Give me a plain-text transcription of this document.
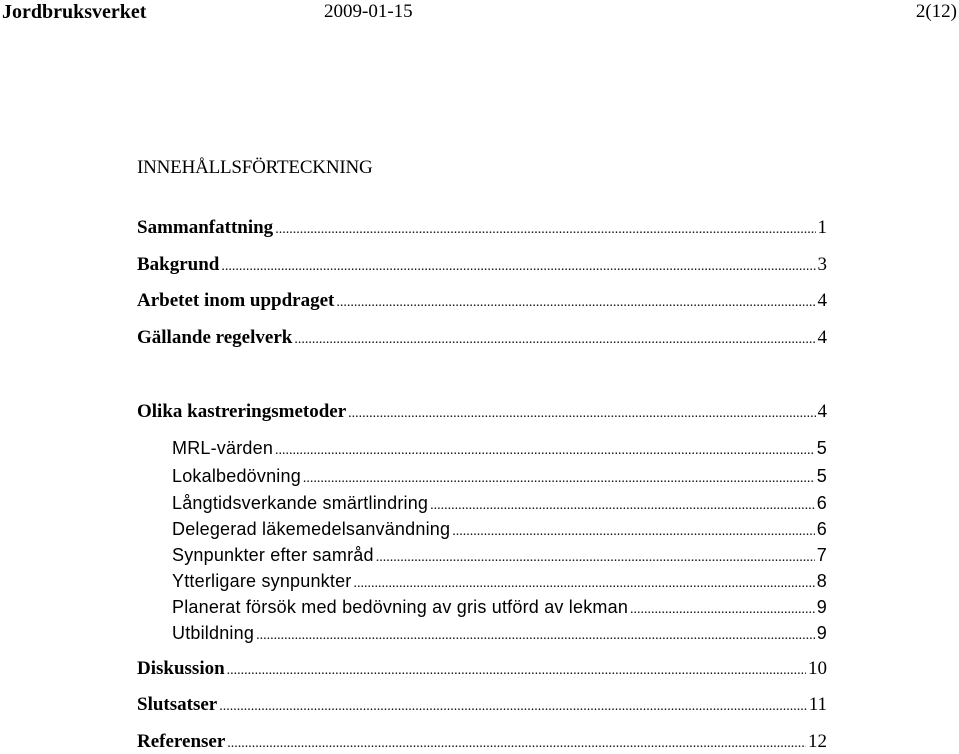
Jordbruksverket	2009-01-15	2(12)
INNEHÅLLSFÖRTECKNING
Sammanfattning .....	1
Bakgrund .....	3
Arbetet inom uppdraget .....	4
Gällande regelverk .....	4
Olika kastreringsmetoder .....	4
MRL-värden .....	5
Lokalbedövning .....	5
Långtidsverkande smärtlindring .....	6
Delegerad läkemedelsanvändning .....	6
Synpunkter efter samråd .....	7
Ytterligare synpunkter .....	8
Planerat försök med bedövning av gris utförd av lekman .....	9
Utbildning .....	9
Diskussion .....	10
Slutsatser .....	11
Referenser .....	12
